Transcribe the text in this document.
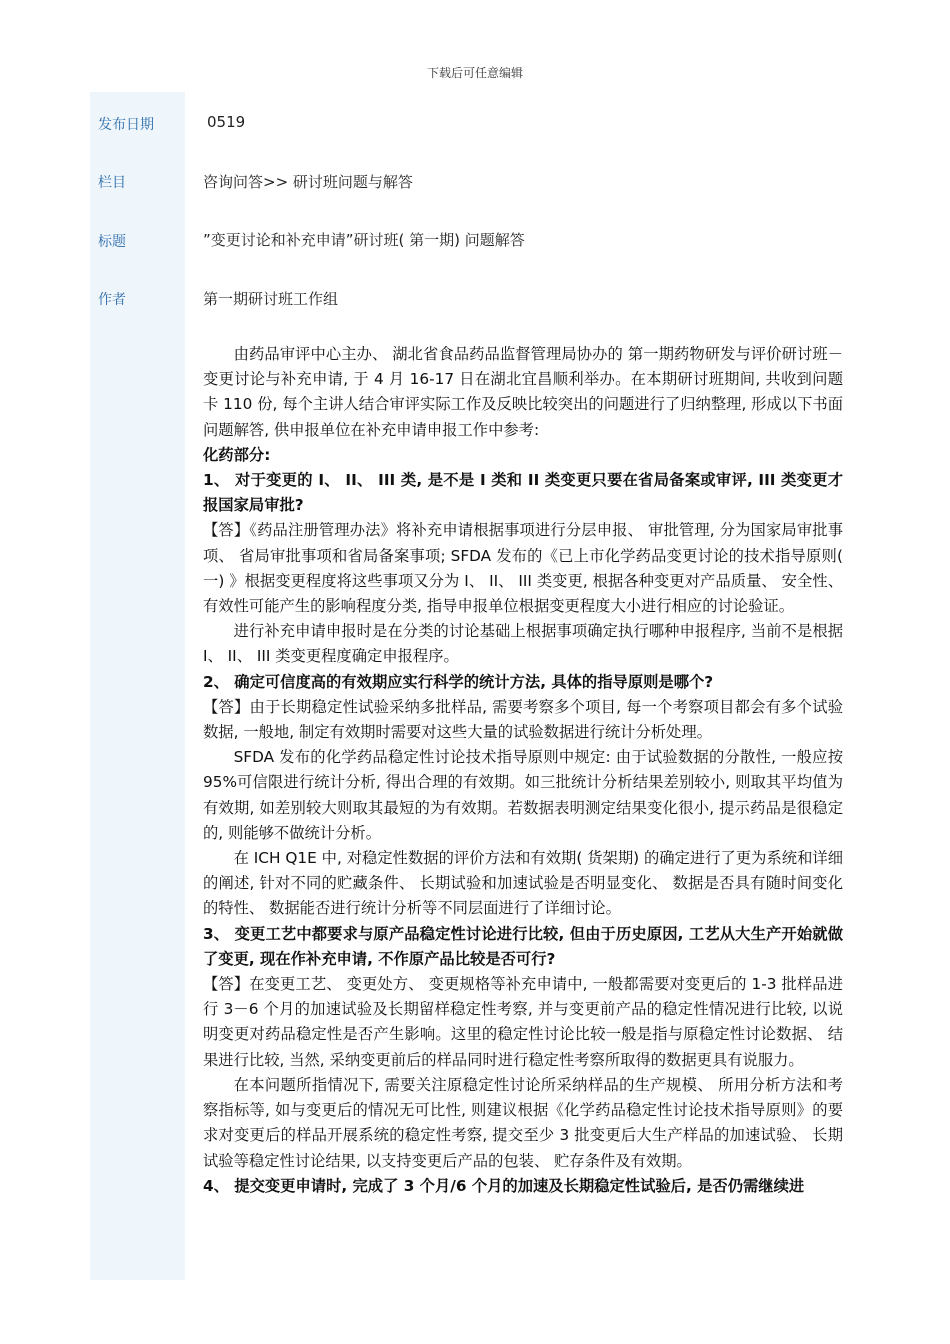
下载后可任意编辑
发布日期	0519
栏目	咨询问答>> 研讨班问题与解答
标题	”变更讨论和补充申请”研讨班( 第一期) 问题解答
作者	第一期研讨班工作组

由药品审评中心主办、 湖北省食品药品监督管理局协办的 第一期药物研发与评价研讨班－变更讨论与补充申请, 于 4 月 16-17 日在湖北宜昌顺利举办。在本期研讨班期间, 共收到问题卡 110 份, 每个主讲人结合审评实际工作及反映比较突出的问题进行了归纳整理, 形成以下书面问题解答, 供申报单位在补充申请申报工作中参考:

化药部分:

1、 对于变更的 I、 II、 III 类, 是不是 I 类和 II 类变更只要在省局备案或审评, III 类变更才报国家局审批?

【答】《药品注册管理办法》将补充申请根据事项进行分层申报、 审批管理, 分为国家局审批事项、 省局审批事项和省局备案事项; SFDA 发布的《已上市化学药品变更讨论的技术指导原则( 一) 》根据变更程度将这些事项又分为 I、 II、 III 类变更, 根据各种变更对产品质量、 安全性、 有效性可能产生的影响程度分类, 指导申报单位根据变更程度大小进行相应的讨论验证。

进行补充申请申报时是在分类的讨论基础上根据事项确定执行哪种申报程序, 当前不是根据 I、 II、 III 类变更程度确定申报程序。

2、 确定可信度高的有效期应实行科学的统计方法, 具体的指导原则是哪个?

【答】由于长期稳定性试验采纳多批样品, 需要考察多个项目, 每一个考察项目都会有多个试验数据, 一般地, 制定有效期时需要对这些大量的试验数据进行统计分析处理。

SFDA 发布的化学药品稳定性讨论技术指导原则中规定: 由于试验数据的分散性, 一般应按 95%可信限进行统计分析, 得出合理的有效期。如三批统计分析结果差别较小, 则取其平均值为有效期, 如差别较大则取其最短的为有效期。若数据表明测定结果变化很小, 提示药品是很稳定的, 则能够不做统计分析。

在 ICH Q1E 中, 对稳定性数据的评价方法和有效期( 货架期) 的确定进行了更为系统和详细的阐述, 针对不同的贮藏条件、 长期试验和加速试验是否明显变化、 数据是否具有随时间变化的特性、 数据能否进行统计分析等不同层面进行了详细讨论。

3、 变更工艺中都要求与原产品稳定性讨论进行比较, 但由于历史原因, 工艺从大生产开始就做了变更, 现在作补充申请, 不作原产品比较是否可行?

【答】在变更工艺、 变更处方、 变更规格等补充申请中, 一般都需要对变更后的 1-3 批样品进行 3－6 个月的加速试验及长期留样稳定性考察, 并与变更前产品的稳定性情况进行比较, 以说明变更对药品稳定性是否产生影响。这里的稳定性讨论比较一般是指与原稳定性讨论数据、 结果进行比较, 当然, 采纳变更前后的样品同时进行稳定性考察所取得的数据更具有说服力。

在本问题所指情况下, 需要关注原稳定性讨论所采纳样品的生产规模、 所用分析方法和考察指标等, 如与变更后的情况无可比性, 则建议根据《化学药品稳定性讨论技术指导原则》的要求对变更后的样品开展系统的稳定性考察, 提交至少 3 批变更后大生产样品的加速试验、 长期试验等稳定性讨论结果, 以支持变更后产品的包装、 贮存条件及有效期。

4、 提交变更申请时, 完成了 3 个月/6 个月的加速及长期稳定性试验后, 是否仍需继续进
